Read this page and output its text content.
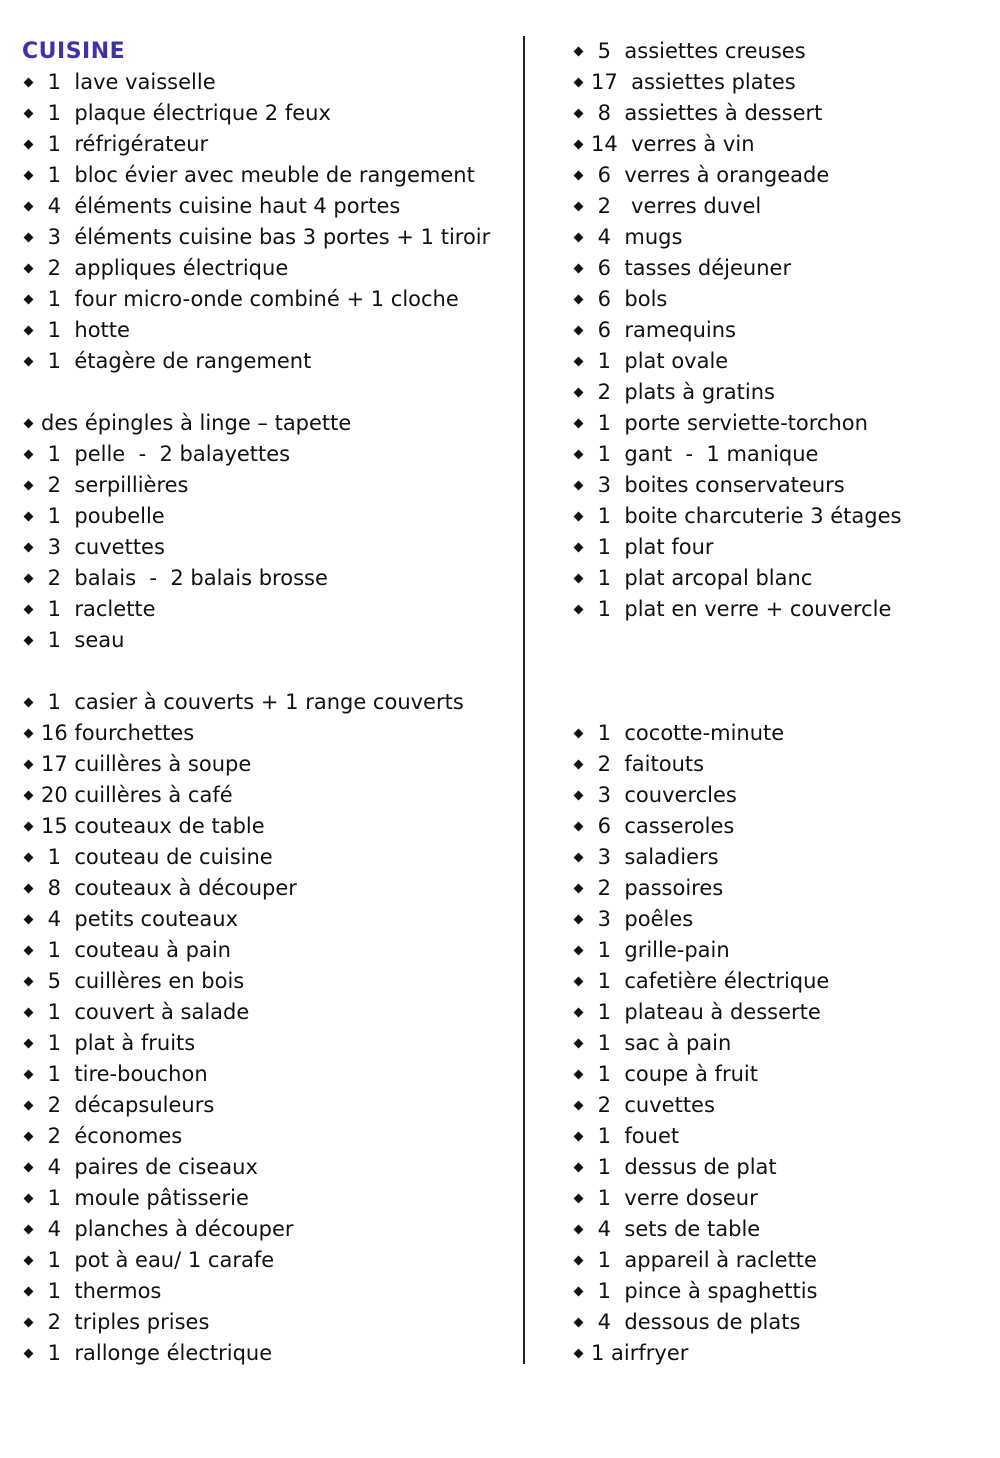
CUISINE
1  lave vaisselle
1  plaque électrique 2 feux
1  réfrigérateur
1  bloc évier avec meuble de rangement
4  éléments cuisine haut 4 portes
3  éléments cuisine bas 3 portes + 1 tiroir
2  appliques électrique
1  four micro-onde combiné + 1 cloche
1  hotte
1  étagère de rangement
des épingles à linge – tapette
1  pelle  -  2 balayettes
2  serpillières
1  poubelle
3  cuvettes
2  balais  -  2 balais brosse
1  raclette
1  seau
1  casier à couverts + 1 range couverts
16 fourchettes
17 cuillères à soupe
20 cuillères à café
15 couteaux de table
1  couteau de cuisine
8  couteaux à découper
4  petits couteaux
1  couteau à pain
5  cuillères en bois
1  couvert à salade
1  plat à fruits
1  tire-bouchon
2  décapsuleurs
2  économes
4  paires de ciseaux
1  moule pâtisserie
4  planches à découper
1  pot à eau/ 1 carafe
1  thermos
2  triples prises
1  rallonge électrique
5  assiettes creuses
17  assiettes plates
8  assiettes à dessert
14  verres à vin
6  verres à orangeade
2   verres duvel
4  mugs
6  tasses déjeuner
6  bols
6  ramequins
1  plat ovale
2  plats à gratins
1  porte serviette-torchon
1  gant  -  1 manique
3  boites conservateurs
1  boite charcuterie 3 étages
1  plat four
1  plat arcopal blanc
1  plat en verre + couvercle
1  cocotte-minute
2  faitouts
3  couvercles
6  casseroles
3  saladiers
2  passoires
3  poêles
1  grille-pain
1  cafetière électrique
1  plateau à desserte
1  sac à pain
1  coupe à fruit
2  cuvettes
1  fouet
1  dessus de plat
1  verre doseur
4  sets de table
1  appareil à raclette
1  pince à spaghettis
4  dessous de plats
1 airfryer
